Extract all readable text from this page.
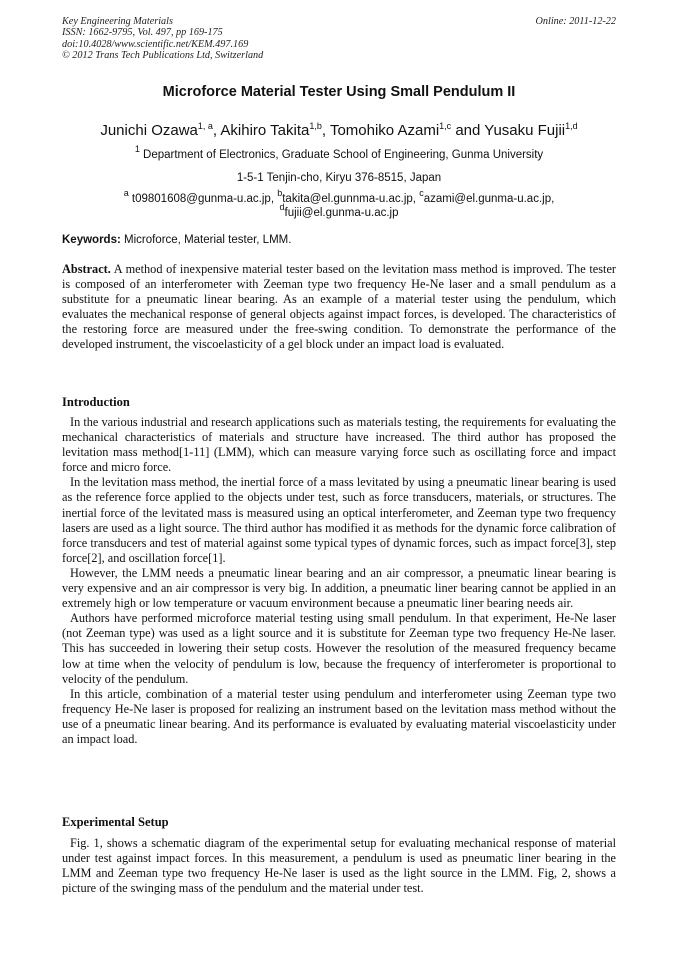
Key Engineering Materials
ISSN: 1662-9795, Vol. 497, pp 169-175
doi:10.4028/www.scientific.net/KEM.497.169
© 2012 Trans Tech Publications Ltd, Switzerland
Online: 2011-12-22
Microforce Material Tester Using Small Pendulum II
Junichi Ozawa$^{1, a}$, Akihiro Takita$^{1,b}$, Tomohiko Azami$^{1,c}$ and Yusaku Fujii$^{1,d}$
$^1$ Department of Electronics, Graduate School of Engineering, Gunma University
1-5-1 Tenjin-cho, Kiryu 376-8515, Japan
$^a$ t09801608@gunma-u.ac.jp, $^b$takita@el.gunnma-u.ac.jp, $^c$azami@el.gunma-u.ac.jp,
$^d$fujii@el.gunma-u.ac.jp
Keywords: Microforce, Material tester, LMM.

Abstract. A method of inexpensive material tester based on the levitation mass method is improved. The tester is composed of an interferometer with Zeeman type two frequency He-Ne laser and a small pendulum as a substitute for a pneumatic linear bearing. As an example of a material tester using the pendulum, which evaluates the mechanical response of general objects against impact forces, is developed. The characteristics of the restoring force are measured under the free-swing condition. To demonstrate the performance of the developed instrument, the viscoelasticity of a gel block under an impact load is evaluated.

Introduction

In the various industrial and research applications such as materials testing, the requirements for evaluating the mechanical characteristics of materials and structure have increased. The third author has proposed the levitation mass method[1-11] (LMM), which can measure varying force such as oscillating force and impact force and micro force.

In the levitation mass method, the inertial force of a mass levitated by using a pneumatic linear bearing is used as the reference force applied to the objects under test, such as force transducers, materials, or structures. The inertial force of the levitated mass is measured using an optical interferometer, and Zeeman type two frequency lasers are used as a light source. The third author has modified it as methods for the dynamic force calibration of force transducers and test of material against some typical types of dynamic forces, such as impact force[3], step force[2], and oscillation force[1].

However, the LMM needs a pneumatic linear bearing and an air compressor, a pneumatic linear bearing is very expensive and an air compressor is very big. In addition, a pneumatic liner bearing cannot be applied in an extremely high or low temperature or vacuum environment because a pneumatic liner bearing needs air.

Authors have performed microforce material testing using small pendulum. In that experiment, He-Ne laser (not Zeeman type) was used as a light source and it is substitute for Zeeman type two frequency He-Ne laser. This has succeeded in lowering their setup costs. However the resolution of the measured frequency became low at time when the velocity of pendulum is low, because the frequency of interferometer is proportional to velocity of the pendulum.

In this article, combination of a material tester using pendulum and interferometer using Zeeman type two frequency He-Ne laser is proposed for realizing an instrument based on the levitation mass method without the use of a pneumatic linear bearing. And its performance is evaluated by evaluating material viscoelasticity under an impact load.

Experimental Setup

Fig. 1, shows a schematic diagram of the experimental setup for evaluating mechanical response of material under test against impact forces. In this measurement, a pendulum is used as pneumatic liner bearing in the LMM and Zeeman type two frequency He-Ne laser is used as the light source in the LMM. Fig, 2, shows a picture of the swinging mass of the pendulum and the material under test.
